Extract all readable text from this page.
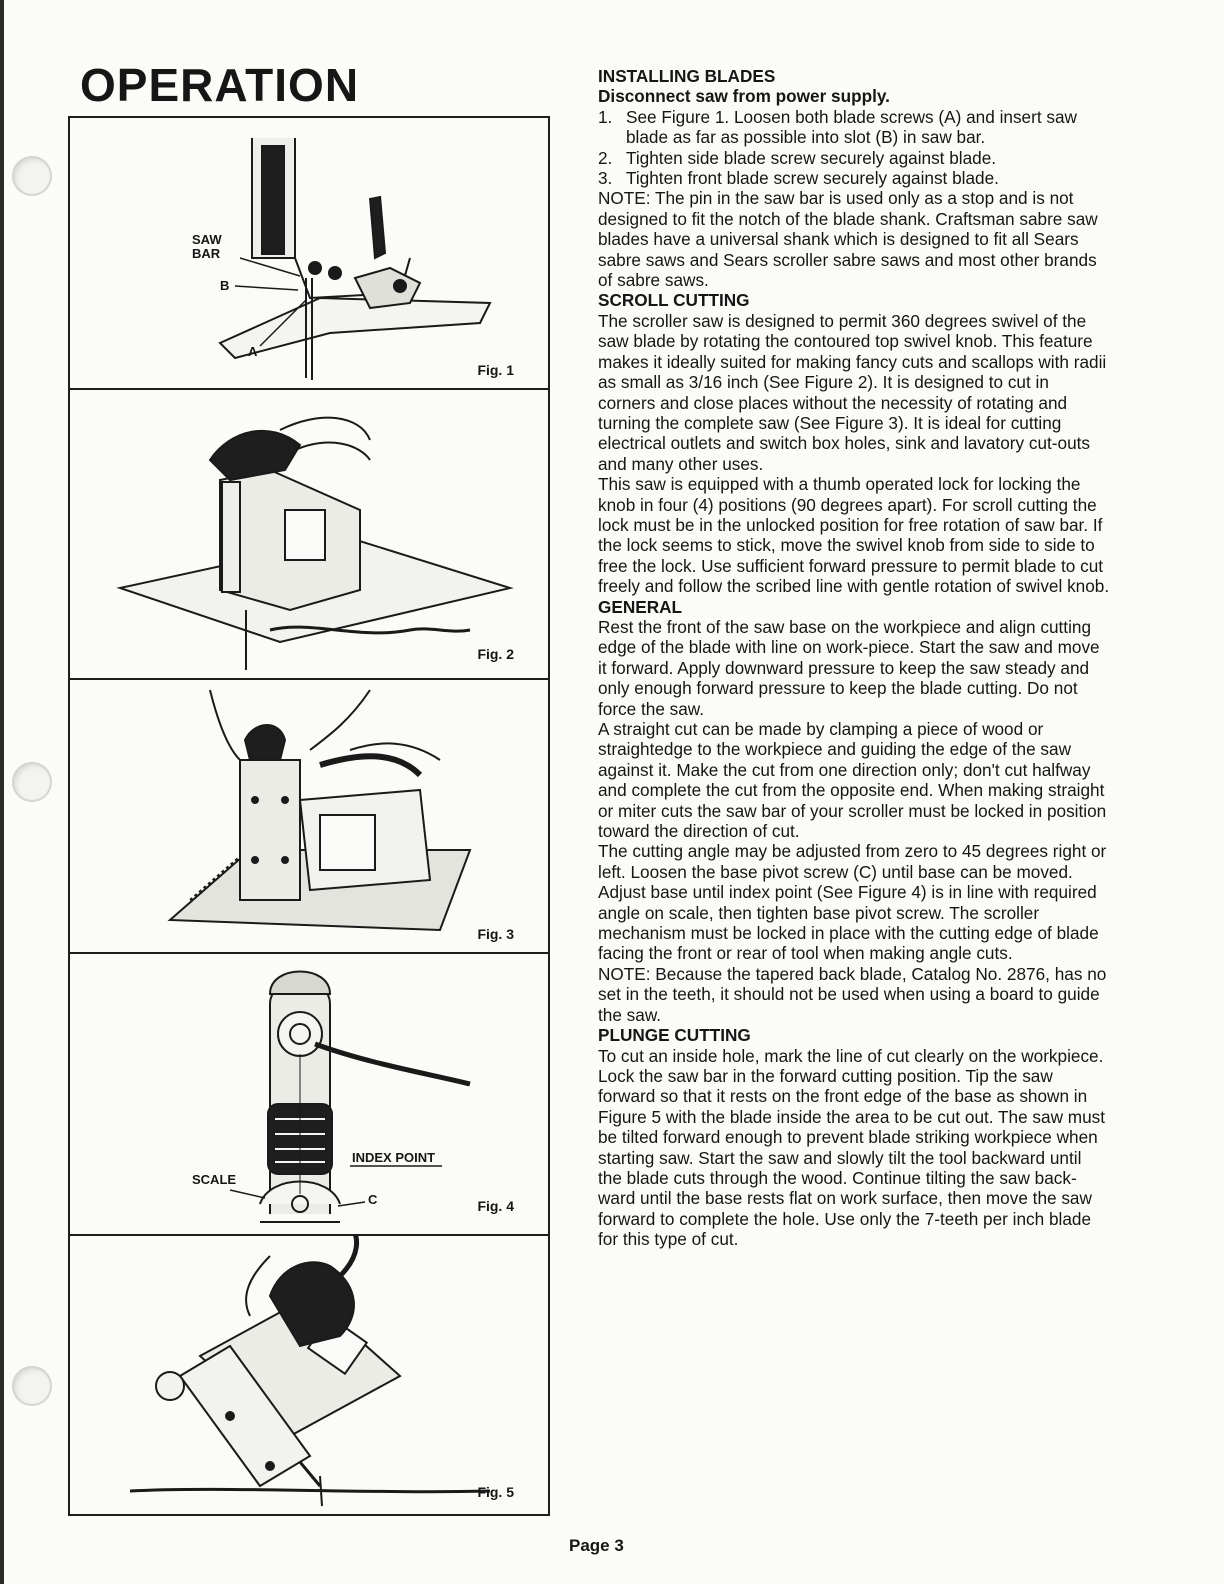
OPERATION
SAW
BAR
B
A
Fig. 1
Fig. 2
Fig. 3
SCALE
INDEX POINT
C	Fig. 4
Fig. 5

INSTALLING BLADES

Disconnect saw from power supply.

1. See Figure 1. Loosen both blade screws (A) and insert saw blade as far as possible into slot (B) in saw bar.
2. Tighten side blade screw securely against blade.
3. Tighten front blade screw securely against blade.

NOTE: The pin in the saw bar is used only as a stop and is not designed to fit the notch of the blade shank. Craftsman sabre saw blades have a universal shank which is designed to fit all Sears sabre saws and Sears scroller sabre saws and most other brands of sabre saws.

SCROLL CUTTING

The scroller saw is designed to permit 360 degrees swivel of the saw blade by rotating the contoured top swivel knob. This feature makes it ideally suited for making fancy cuts and scallops with radii as small as 3/16 inch (See Figure 2). It is designed to cut in corners and close places without the necessity of rotating and turning the complete saw (See Figure 3). It is ideal for cutting electrical outlets and switch box holes, sink and lavatory cut-outs and many other uses.

This saw is equipped with a thumb operated lock for locking the knob in four (4) positions (90 degrees apart). For scroll cutting the lock must be in the unlocked position for free rotation of saw bar. If the lock seems to stick, move the swivel knob from side to side to free the lock. Use sufficient forward pressure to permit blade to cut freely and follow the scribed line with gentle rotation of swivel knob.

GENERAL

Rest the front of the saw base on the workpiece and align cutting edge of the blade with line on work-piece. Start the saw and move it forward. Apply downward pressure to keep the saw steady and only enough forward pressure to keep the blade cutting. Do not force the saw.

A straight cut can be made by clamping a piece of wood or straightedge to the workpiece and guiding the edge of the saw against it. Make the cut from one direction only; don't cut halfway and complete the cut from the opposite end. When making straight or miter cuts the saw bar of your scroller must be locked in position toward the direction of cut.

The cutting angle may be adjusted from zero to 45 degrees right or left. Loosen the base pivot screw (C) until base can be moved. Adjust base until index point (See Figure 4) is in line with required angle on scale, then tighten base pivot screw. The scroller mechanism must be locked in place with the cutting edge of blade facing the front or rear of tool when making angle cuts.

NOTE: Because the tapered back blade, Catalog No. 2876, has no set in the teeth, it should not be used when using a board to guide the saw.

PLUNGE CUTTING

To cut an inside hole, mark the line of cut clearly on the workpiece. Lock the saw bar in the forward cutting position. Tip the saw forward so that it rests on the front edge of the base as shown in Figure 5 with the blade inside the area to be cut out. The saw must be tilted forward enough to prevent blade striking workpiece when starting saw. Start the saw and slowly tilt the tool backward until the blade cuts through the wood. Continue tilting the saw back-ward until the base rests flat on work surface, then move the saw forward to complete the hole. Use only the 7-teeth per inch blade for this type of cut.

Page 3
